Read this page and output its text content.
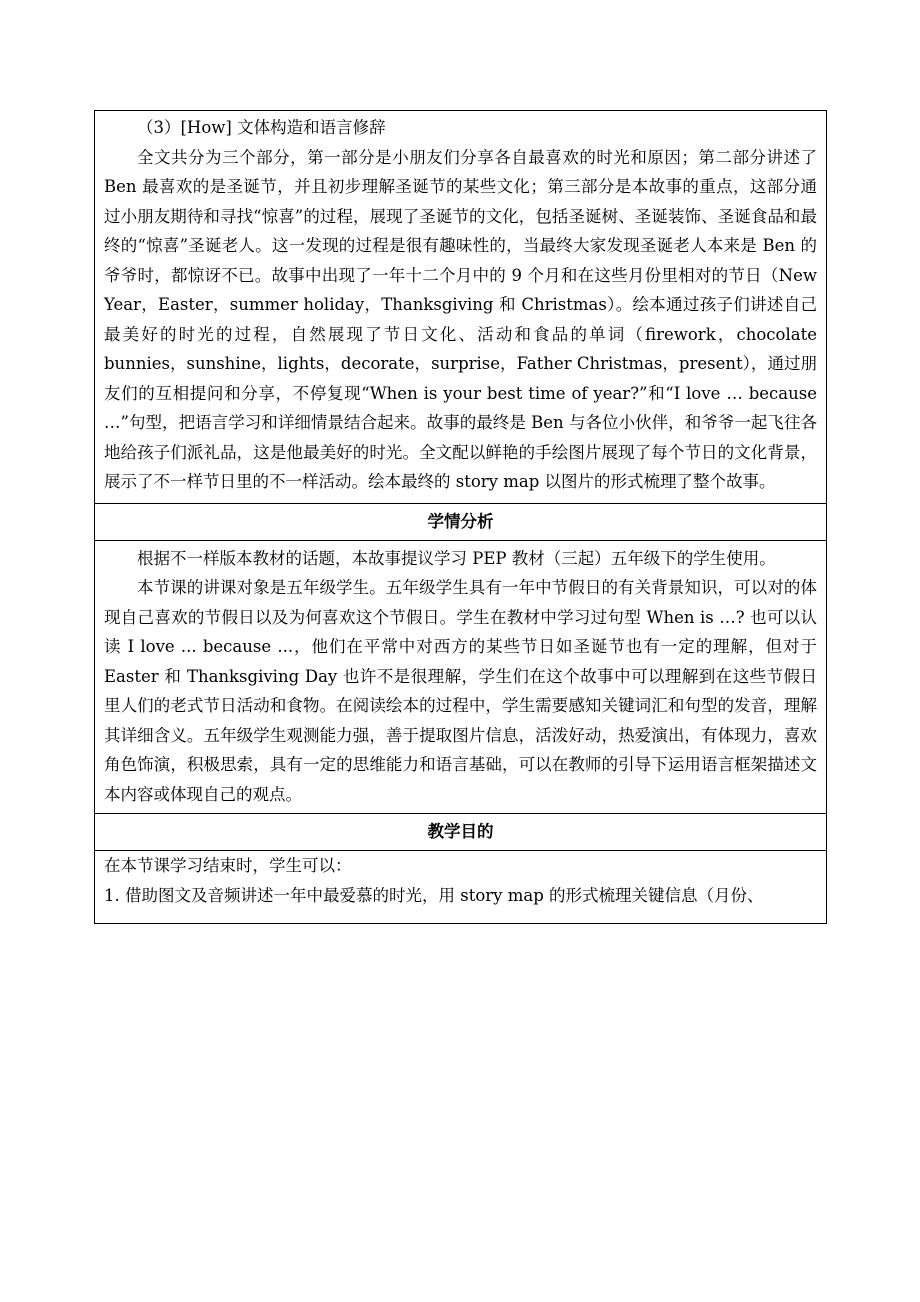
（3）[How] 文体构造和语言修辞

全文共分为三个部分，第一部分是小朋友们分享各自最喜欢的时光和原因；第二部分讲述了 Ben 最喜欢的是圣诞节，并且初步理解圣诞节的某些文化；第三部分是本故事的重点，这部分通过小朋友期待和寻找“惊喜”的过程，展现了圣诞节的文化，包括圣诞树、圣诞装饰、圣诞食品和最终的“惊喜”圣诞老人。这一发现的过程是很有趣味性的，当最终大家发现圣诞老人本来是 Ben 的爷爷时，都惊讶不已。故事中出现了一年十二个月中的 9 个月和在这些月份里相对的节日（New Year，Easter，summer holiday，Thanksgiving 和 Christmas）。绘本通过孩子们讲述自己最美好的时光的过程，自然展现了节日文化、活动和食品的单词（firework，chocolate bunnies，sunshine，lights，decorate，surprise，Father Christmas，present），通过朋友们的互相提问和分享，不停复现“When is your best time of year?”和“I love … because …”句型，把语言学习和详细情景结合起来。故事的最终是 Ben 与各位小伙伴，和爷爷一起飞往各地给孩子们派礼品，这是他最美好的时光。全文配以鲜艳的手绘图片展现了每个节日的文化背景，展示了不一样节日里的不一样活动。绘本最终的 story map 以图片的形式梳理了整个故事。

学情分析

根据不一样版本教材的话题，本故事提议学习 PEP 教材（三起）五年级下的学生使用。

本节课的讲课对象是五年级学生。五年级学生具有一年中节假日的有关背景知识，可以对的体现自己喜欢的节假日以及为何喜欢这个节假日。学生在教材中学习过句型 When is …? 也可以认读 I love ... because ...，他们在平常中对西方的某些节日如圣诞节也有一定的理解，但对于 Easter 和 Thanksgiving Day 也许不是很理解，学生们在这个故事中可以理解到在这些节假日里人们的老式节日活动和食物。在阅读绘本的过程中，学生需要感知关键词汇和句型的发音，理解其详细含义。五年级学生观测能力强，善于提取图片信息，活泼好动，热爱演出，有体现力，喜欢角色饰演，积极思索，具有一定的思维能力和语言基础，可以在教师的引导下运用语言框架描述文本内容或体现自己的观点。

教学目的

在本节课学习结束时，学生可以：

1. 借助图文及音频讲述一年中最爱慕的时光，用 story map 的形式梳理关键信息（月份、
